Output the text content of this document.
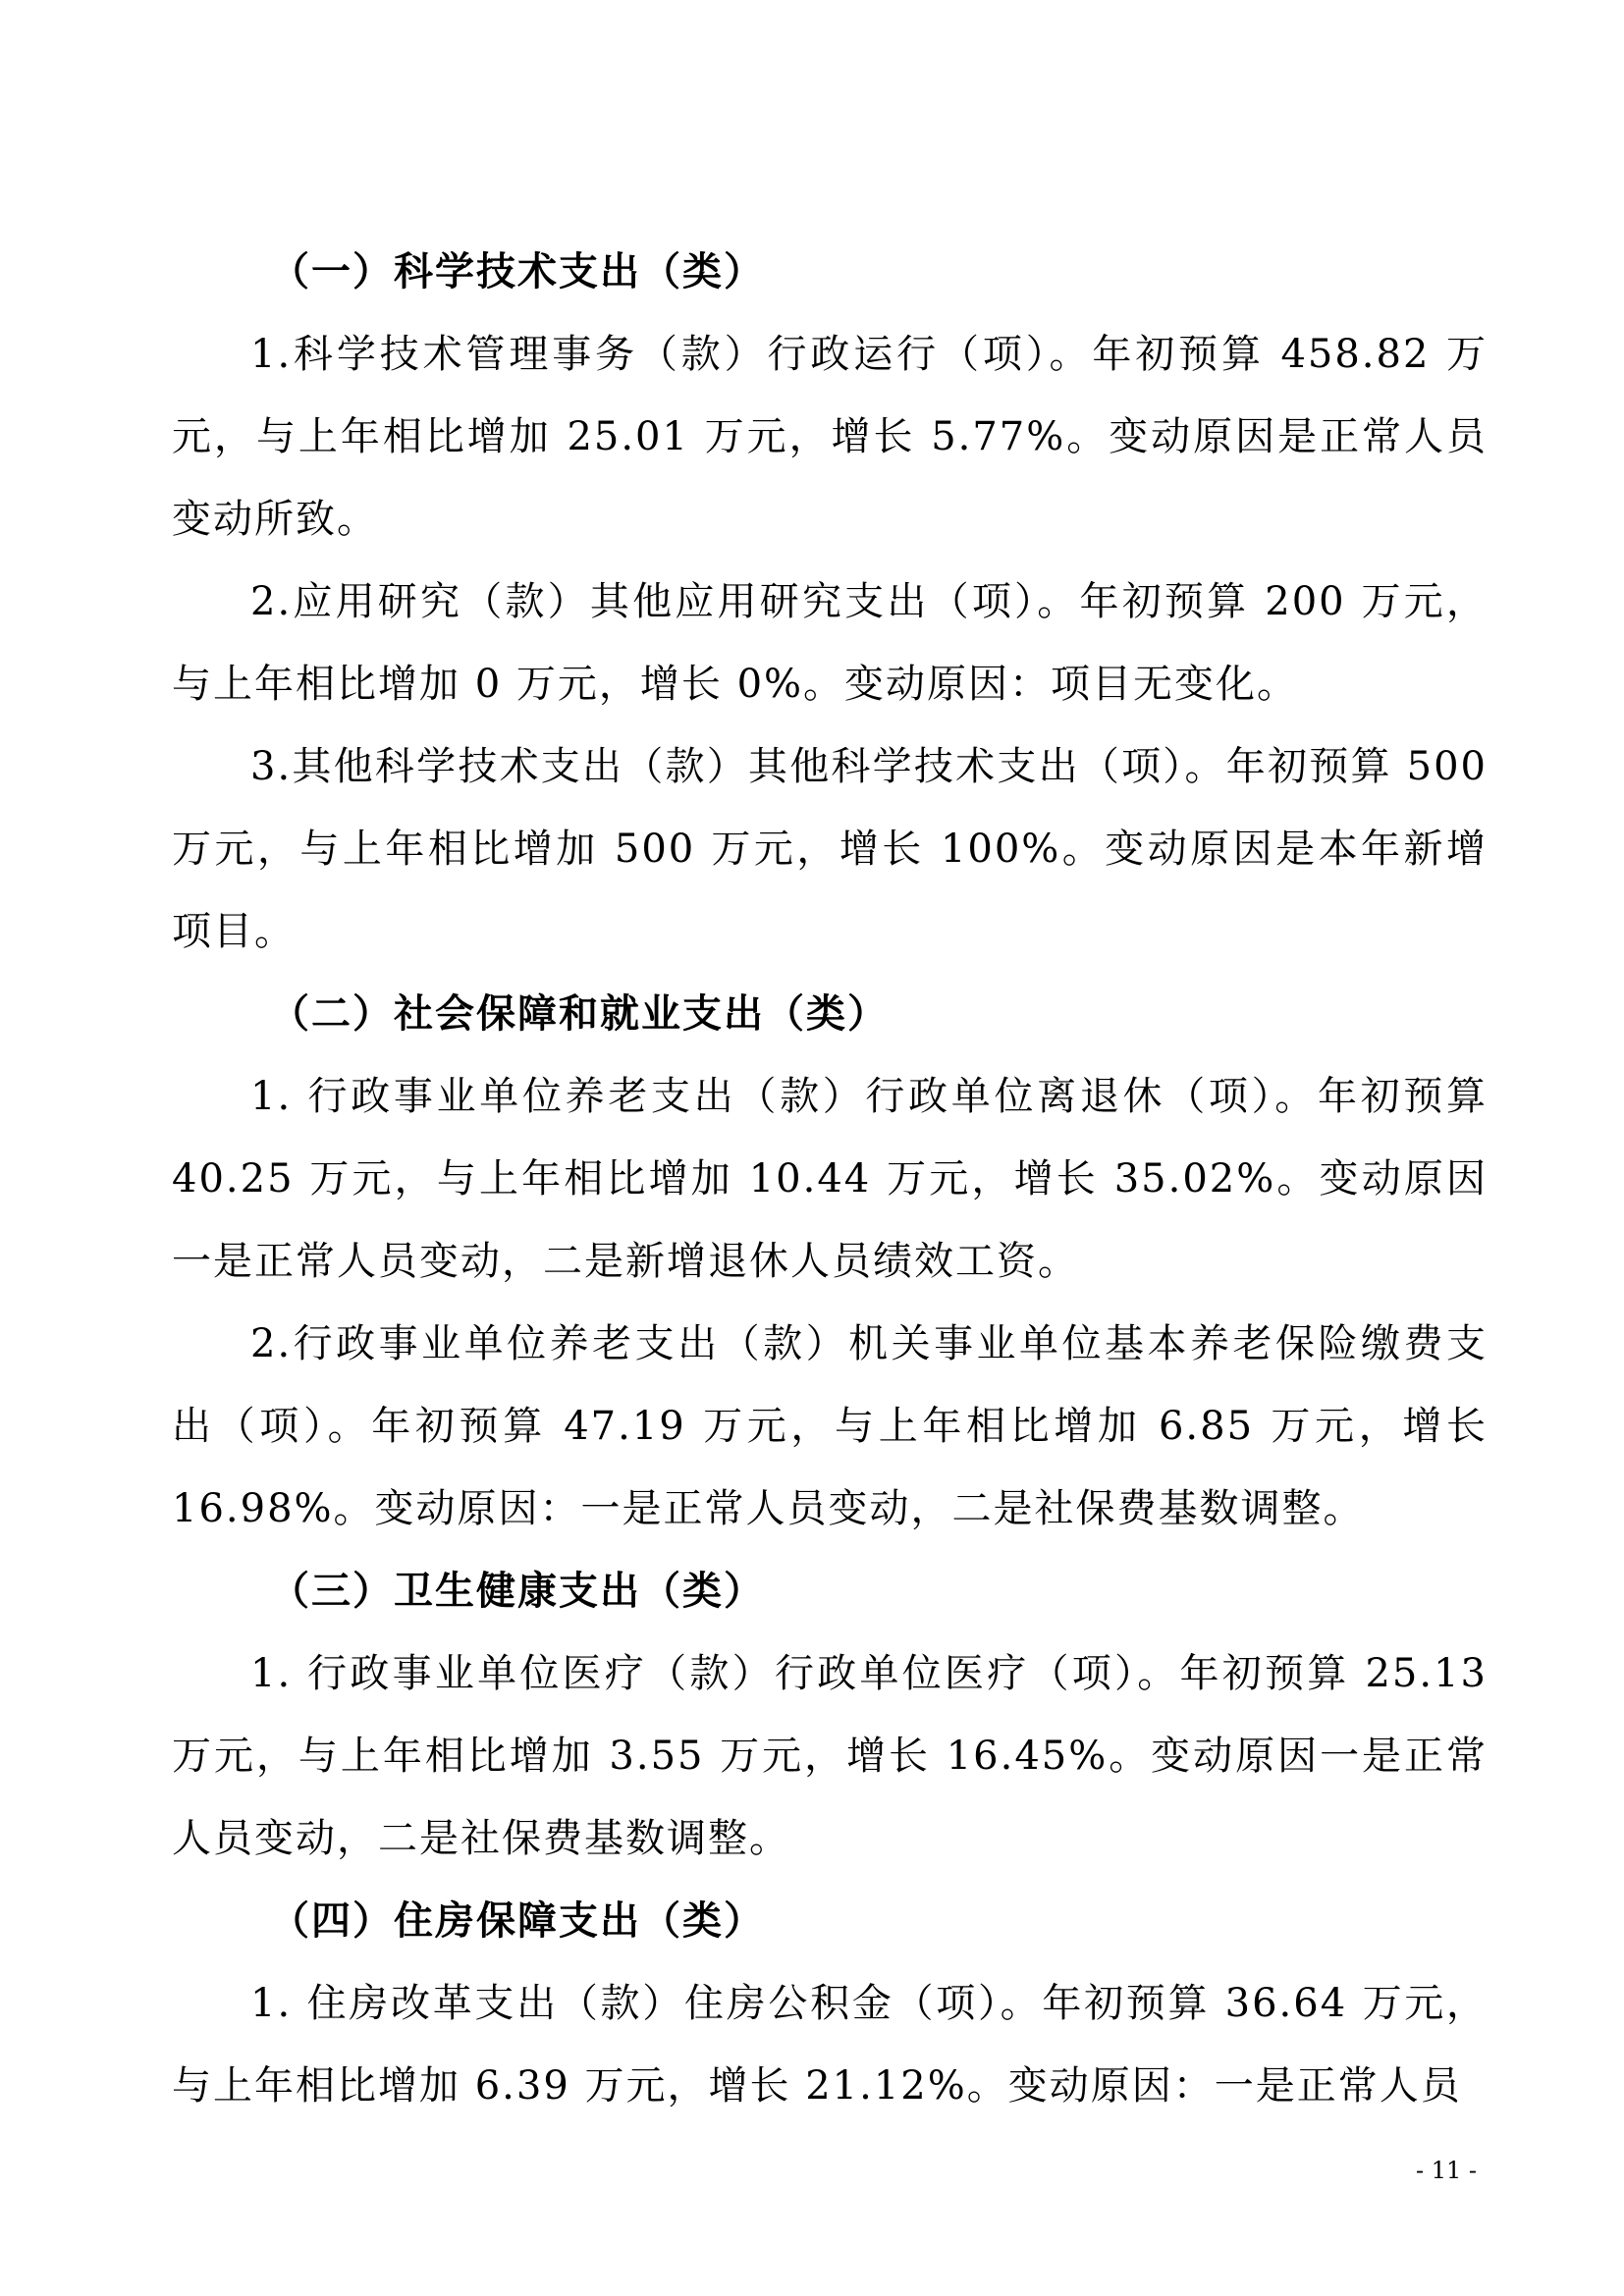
（一）科学技术支出（类）

1.科学技术管理事务（款）行政运行（项）。年初预算 458.82 万元，与上年相比增加 25.01 万元，增长 5.77%。变动原因是正常人员变动所致。

2.应用研究（款）其他应用研究支出（项）。年初预算 200 万元，与上年相比增加 0 万元，增长 0%。变动原因：项目无变化。

3.其他科学技术支出（款）其他科学技术支出（项）。年初预算 500 万元，与上年相比增加 500 万元，增长 100%。变动原因是本年新增项目。

（二）社会保障和就业支出（类）

1. 行政事业单位养老支出（款）行政单位离退休（项）。年初预算 40.25 万元，与上年相比增加 10.44 万元，增长 35.02%。变动原因一是正常人员变动，二是新增退休人员绩效工资。

2.行政事业单位养老支出（款）机关事业单位基本养老保险缴费支出（项）。年初预算 47.19 万元，与上年相比增加 6.85 万元，增长 16.98%。变动原因：一是正常人员变动，二是社保费基数调整。

（三）卫生健康支出（类）

1. 行政事业单位医疗（款）行政单位医疗（项）。年初预算 25.13 万元，与上年相比增加 3.55 万元，增长 16.45%。变动原因一是正常人员变动，二是社保费基数调整。

（四）住房保障支出（类）

1. 住房改革支出（款）住房公积金（项）。年初预算 36.64 万元，与上年相比增加 6.39 万元，增长 21.12%。变动原因：一是正常人员

- 11 -
